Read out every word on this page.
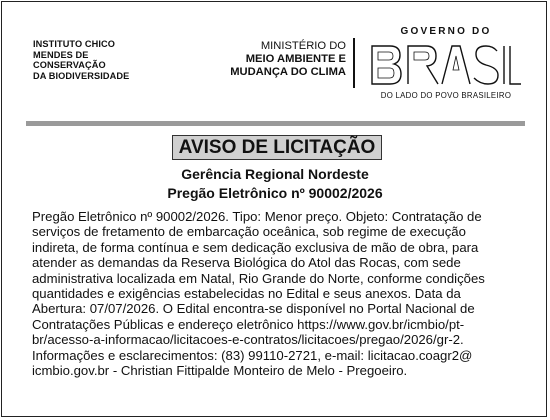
INSTITUTO CHICO
MENDES DE
CONSERVAÇÃO
DA BIODIVERSIDADE
MINISTÉRIO DO
MEIO AMBIENTE E
MUDANÇA DO CLIMA
GOVERNO DO
DO LADO DO POVO BRASILEIRO
AVISO DE LICITAÇÃO
Gerência Regional Nordeste
Pregão Eletrônico nº 90002/2026
Pregão Eletrônico nº 90002/2026. Tipo: Menor preço. Objeto: Contratação de
serviços de fretamento de embarcação oceânica, sob regime de execução
indireta, de forma contínua e sem dedicação exclusiva de mão de obra, para
atender as demandas da Reserva Biológica do Atol das Rocas, com sede
administrativa localizada em Natal, Rio Grande do Norte, conforme condições
quantidades e exigências estabelecidas no Edital e seus anexos. Data da
Abertura: 07/07/2026. O Edital encontra-se disponível no Portal Nacional de
Contratações Públicas e endereço eletrônico https://www.gov.br/icmbio/pt-
br/acesso-a-informacao/licitacoes-e-contratos/licitacoes/pregao/2026/gr-2.
Informações e esclarecimentos: (83) 99110-2721, e-mail: licitacao.coagr2@
icmbio.gov.br - Christian Fittipalde Monteiro de Melo - Pregoeiro.
